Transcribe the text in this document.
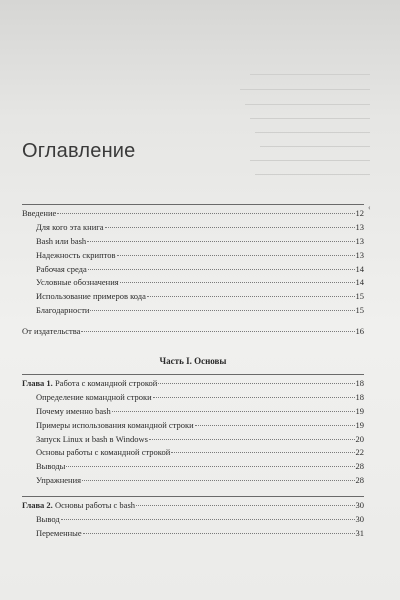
Оглавление
‹
Введение	12
Для кого эта книга	13
Bash или bash	13
Надежность скриптов	13
Рабочая среда	14
Условные обозначения	14
Использование примеров кода	15
Благодарности	15
От издательства	16
Часть I. Основы
Глава 1. Работа с командной строкой	18
Определение командной строки	18
Почему именно bash	19
Примеры использования командной строки	19
Запуск Linux и bash в Windows	20
Основы работы с командной строкой	22
Выводы	28
Упражнения	28
Глава 2. Основы работы с bash	30
Вывод	30
Переменные	31
